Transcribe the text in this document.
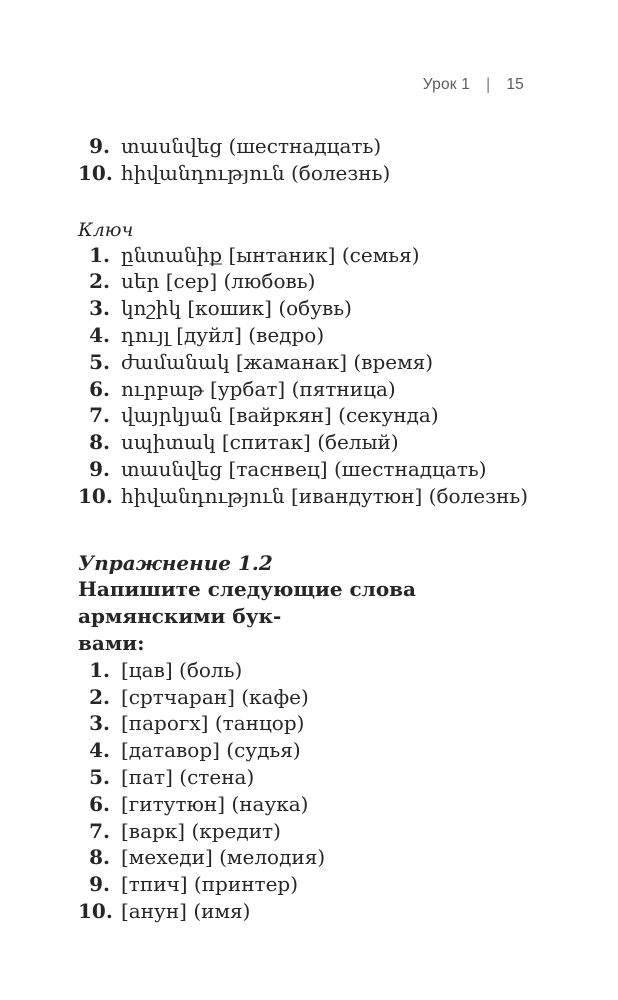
Урок 1 | 15
9. տասնվեց (шестнадцать)
10. հիվանդություն (болезнь)
Ключ
1. ընտանիք [ынтаник] (семья)
2. սեր [сер] (любовь)
3. կոշիկ [кошик] (обувь)
4. դույլ [дуйл] (ведро)
5. ժամանակ [жаманак] (время)
6. ուրբաթ [урбат] (пятница)
7. վայրկյան [вайркян] (секунда)
8. սպիտակ [спитак] (белый)
9. տասնվեց [таснвец] (шестнадцать)
10. հիվանդություն [ивандутюн] (болезнь)
Упражнение 1.2
Напишите следующие слова армянскими бук-
вами:
1. [цав] (боль)
2. [сртчаран] (кафе)
3. [парогх] (танцор)
4. [датавор] (судья)
5. [пат] (стена)
6. [гитутюн] (наука)
7. [варк] (кредит)
8. [мехеди] (мелодия)
9. [тпич] (принтер)
10. [анун] (имя)
